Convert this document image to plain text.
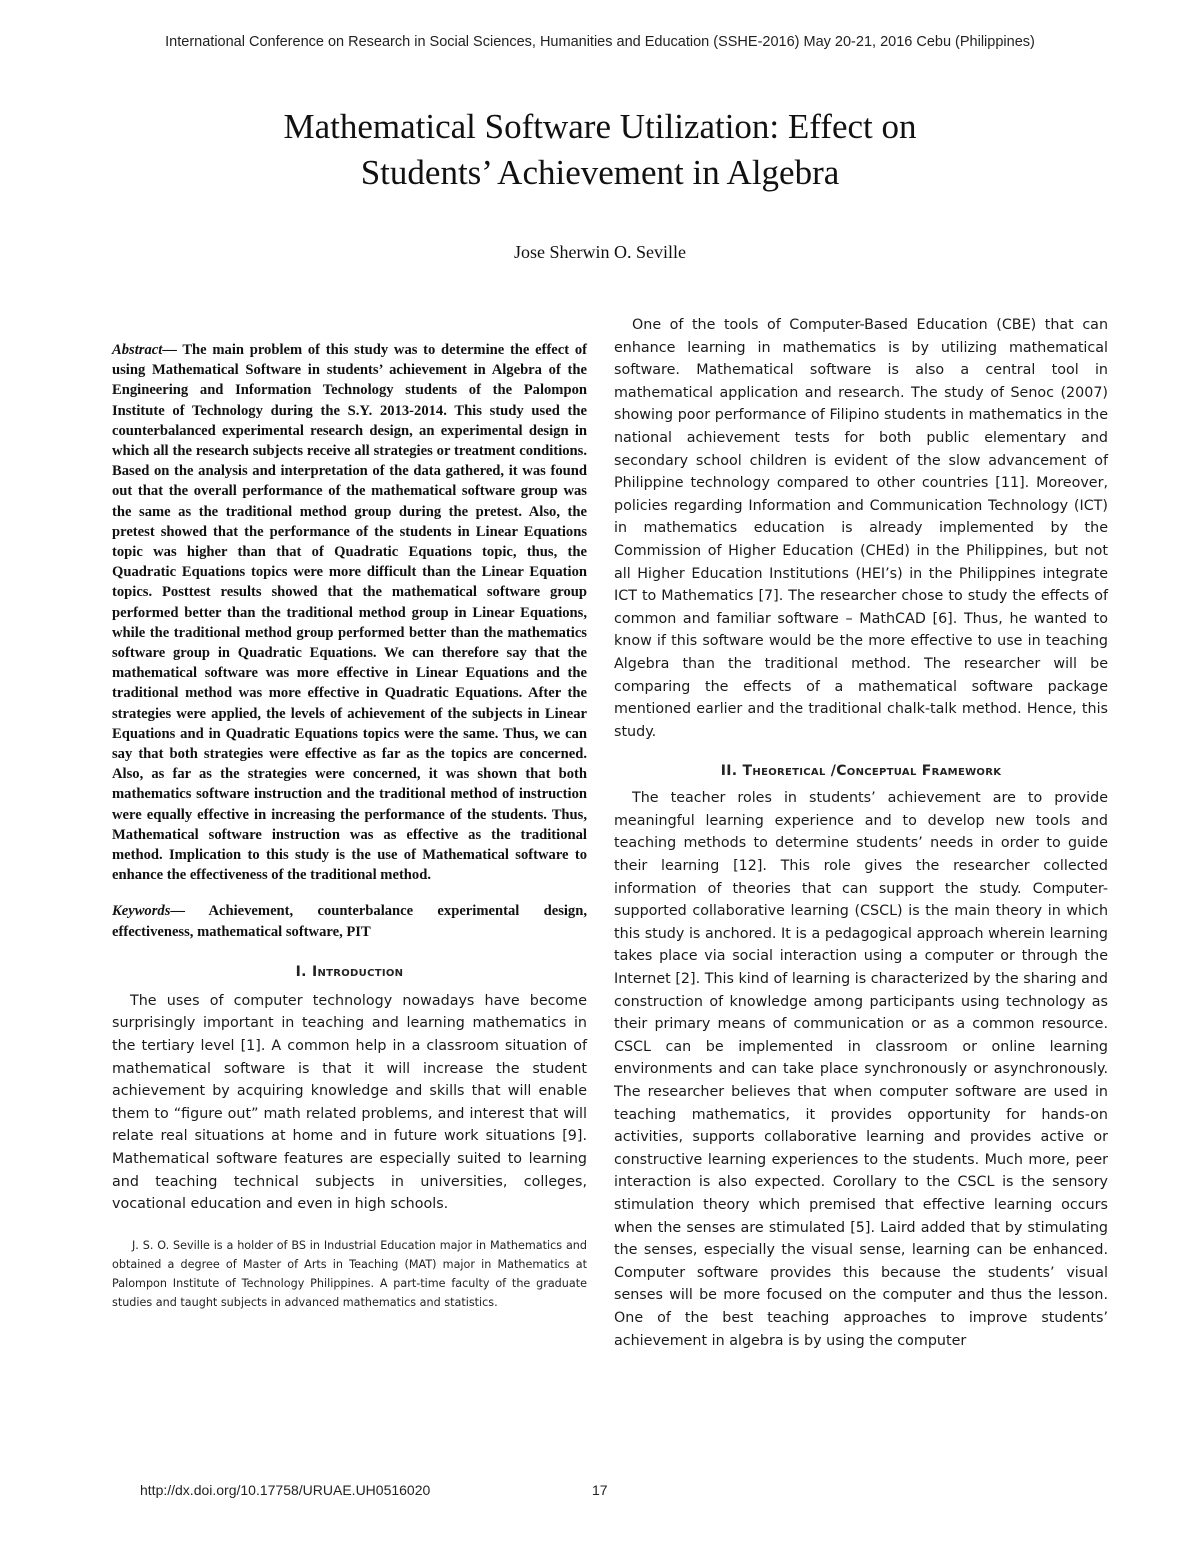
International Conference on Research in Social Sciences, Humanities and Education (SSHE-2016) May 20-21, 2016 Cebu (Philippines)
Mathematical Software Utilization: Effect on
Students’ Achievement in Algebra
Jose Sherwin O. Seville

Abstract— The main problem of this study was to determine the effect of using Mathematical Software in students’ achievement in Algebra of the Engineering and Information Technology students of the Palompon Institute of Technology during the S.Y. 2013-2014. This study used the counterbalanced experimental research design, an experimental design in which all the research subjects receive all strategies or treatment conditions. Based on the analysis and interpretation of the data gathered, it was found out that the overall performance of the mathematical software group was the same as the traditional method group during the pretest. Also, the pretest showed that the performance of the students in Linear Equations topic was higher than that of Quadratic Equations topic, thus, the Quadratic Equations topics were more difficult than the Linear Equation topics. Posttest results showed that the mathematical software group performed better than the traditional method group in Linear Equations, while the traditional method group performed better than the mathematics software group in Quadratic Equations. We can therefore say that the mathematical software was more effective in Linear Equations and the traditional method was more effective in Quadratic Equations. After the strategies were applied, the levels of achievement of the subjects in Linear Equations and in Quadratic Equations topics were the same. Thus, we can say that both strategies were effective as far as the topics are concerned. Also, as far as the strategies were concerned, it was shown that both mathematics software instruction and the traditional method of instruction were equally effective in increasing the performance of the students. Thus, Mathematical software instruction was as effective as the traditional method. Implication to this study is the use of Mathematical software to enhance the effectiveness of the traditional method.

Keywords— Achievement, counterbalance experimental design, effectiveness, mathematical software, PIT

I. Introduction

The uses of computer technology nowadays have become surprisingly important in teaching and learning mathematics in the tertiary level [1]. A common help in a classroom situation of mathematical software is that it will increase the student achievement by acquiring knowledge and skills that will enable them to “figure out” math related problems, and interest that will relate real situations at home and in future work situations [9]. Mathematical software features are especially suited to learning and teaching technical subjects in universities, colleges, vocational education and even in high schools.

J. S. O. Seville is a holder of BS in Industrial Education major in Mathematics and obtained a degree of Master of Arts in Teaching (MAT) major in Mathematics at Palompon Institute of Technology Philippines. A part-time faculty of the graduate studies and taught subjects in advanced mathematics and statistics.

One of the tools of Computer-Based Education (CBE) that can enhance learning in mathematics is by utilizing mathematical software. Mathematical software is also a central tool in mathematical application and research. The study of Senoc (2007) showing poor performance of Filipino students in mathematics in the national achievement tests for both public elementary and secondary school children is evident of the slow advancement of Philippine technology compared to other countries [11]. Moreover, policies regarding Information and Communication Technology (ICT) in mathematics education is already implemented by the Commission of Higher Education (CHEd) in the Philippines, but not all Higher Education Institutions (HEI’s) in the Philippines integrate ICT to Mathematics [7]. The researcher chose to study the effects of common and familiar software – MathCAD [6]. Thus, he wanted to know if this software would be the more effective to use in teaching Algebra than the traditional method. The researcher will be comparing the effects of a mathematical software package mentioned earlier and the traditional chalk-talk method. Hence, this study.

II. Theoretical /Conceptual Framework

The teacher roles in students’ achievement are to provide meaningful learning experience and to develop new tools and teaching methods to determine students’ needs in order to guide their learning [12]. This role gives the researcher collected information of theories that can support the study. Computer-supported collaborative learning (CSCL) is the main theory in which this study is anchored. It is a pedagogical approach wherein learning takes place via social interaction using a computer or through the Internet [2]. This kind of learning is characterized by the sharing and construction of knowledge among participants using technology as their primary means of communication or as a common resource. CSCL can be implemented in classroom or online learning environments and can take place synchronously or asynchronously. The researcher believes that when computer software are used in teaching mathematics, it provides opportunity for hands-on activities, supports collaborative learning and provides active or constructive learning experiences to the students. Much more, peer interaction is also expected. Corollary to the CSCL is the sensory stimulation theory which premised that effective learning occurs when the senses are stimulated [5]. Laird added that by stimulating the senses, especially the visual sense, learning can be enhanced. Computer software provides this because the students’ visual senses will be more focused on the computer and thus the lesson. One of the best teaching approaches to improve students’ achievement in algebra is by using the computer

http://dx.doi.org/10.17758/URUAE.UH0516020	17
